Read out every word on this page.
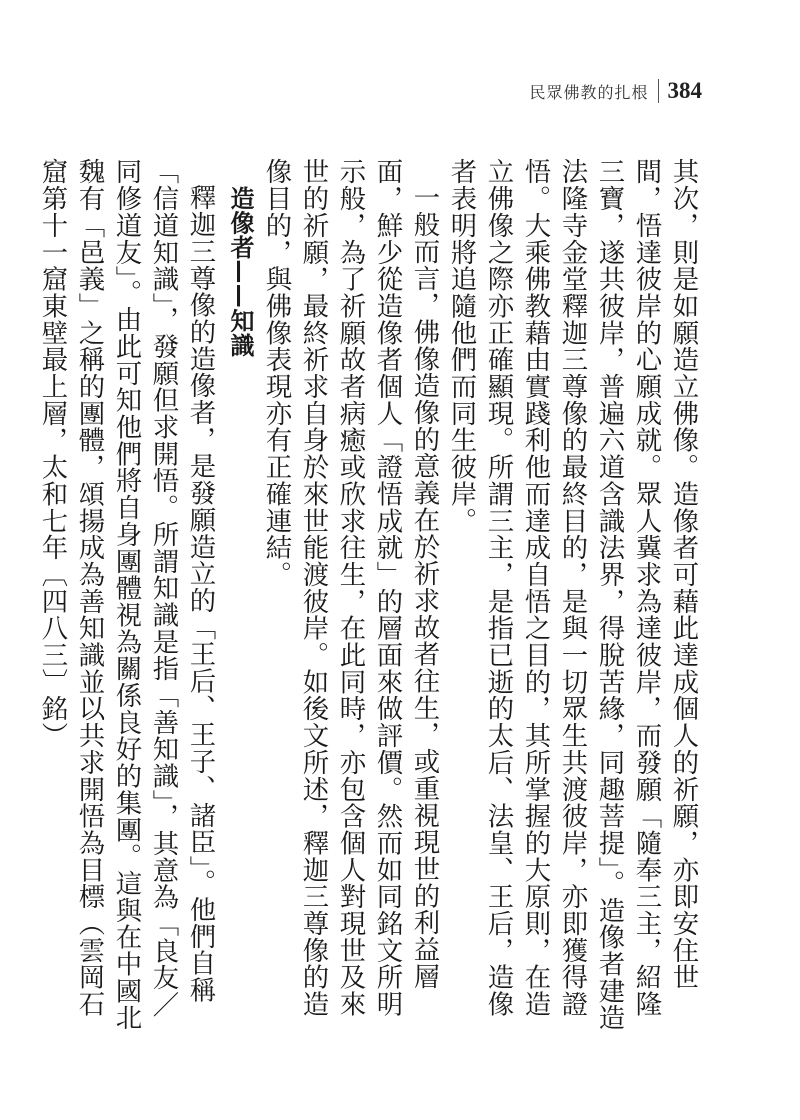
民眾佛教的扎根 384

其次，則是如願造立佛像。造像者可藉此達成個人的祈願，亦即安住世間，悟達彼岸的心願成就。眾人冀求為達彼岸，而發願「隨奉三主，紹隆三寶，遂共彼岸，普遍六道含識法界，得脫苦緣，同趣菩提」。造像者建造法隆寺金堂釋迦三尊像的最終目的，是與一切眾生共渡彼岸，亦即獲得證悟。大乘佛教藉由實踐利他而達成自悟之目的，其所掌握的大原則，在造立佛像之際亦正確顯現。所謂三主，是指已逝的太后、法皇、王后，造像者表明將追隨他們而同生彼岸。

一般而言，佛像造像的意義在於祈求故者往生，或重視現世的利益層面，鮮少從造像者個人「證悟成就」的層面來做評價。然而如同銘文所明示般，為了祈願故者病癒或欣求往生，在此同時，亦包含個人對現世及來世的祈願，最終祈求自身於來世能渡彼岸。如後文所述，釋迦三尊像的造像目的，與佛像表現亦有正確連結。

造像者——知識

釋迦三尊像的造像者，是發願造立的「王后、王子、諸臣」。他們自稱「信道知識」，發願但求開悟。所謂知識是指「善知識」，其意為「良友／同修道友」。由此可知他們將自身團體視為關係良好的集團。這與在中國北魏有「邑義」之稱的團體，頌揚成為善知識並以共求開悟為目標（雲岡石窟第十一窟東壁最上層，太和七年〔四八三〕銘）
